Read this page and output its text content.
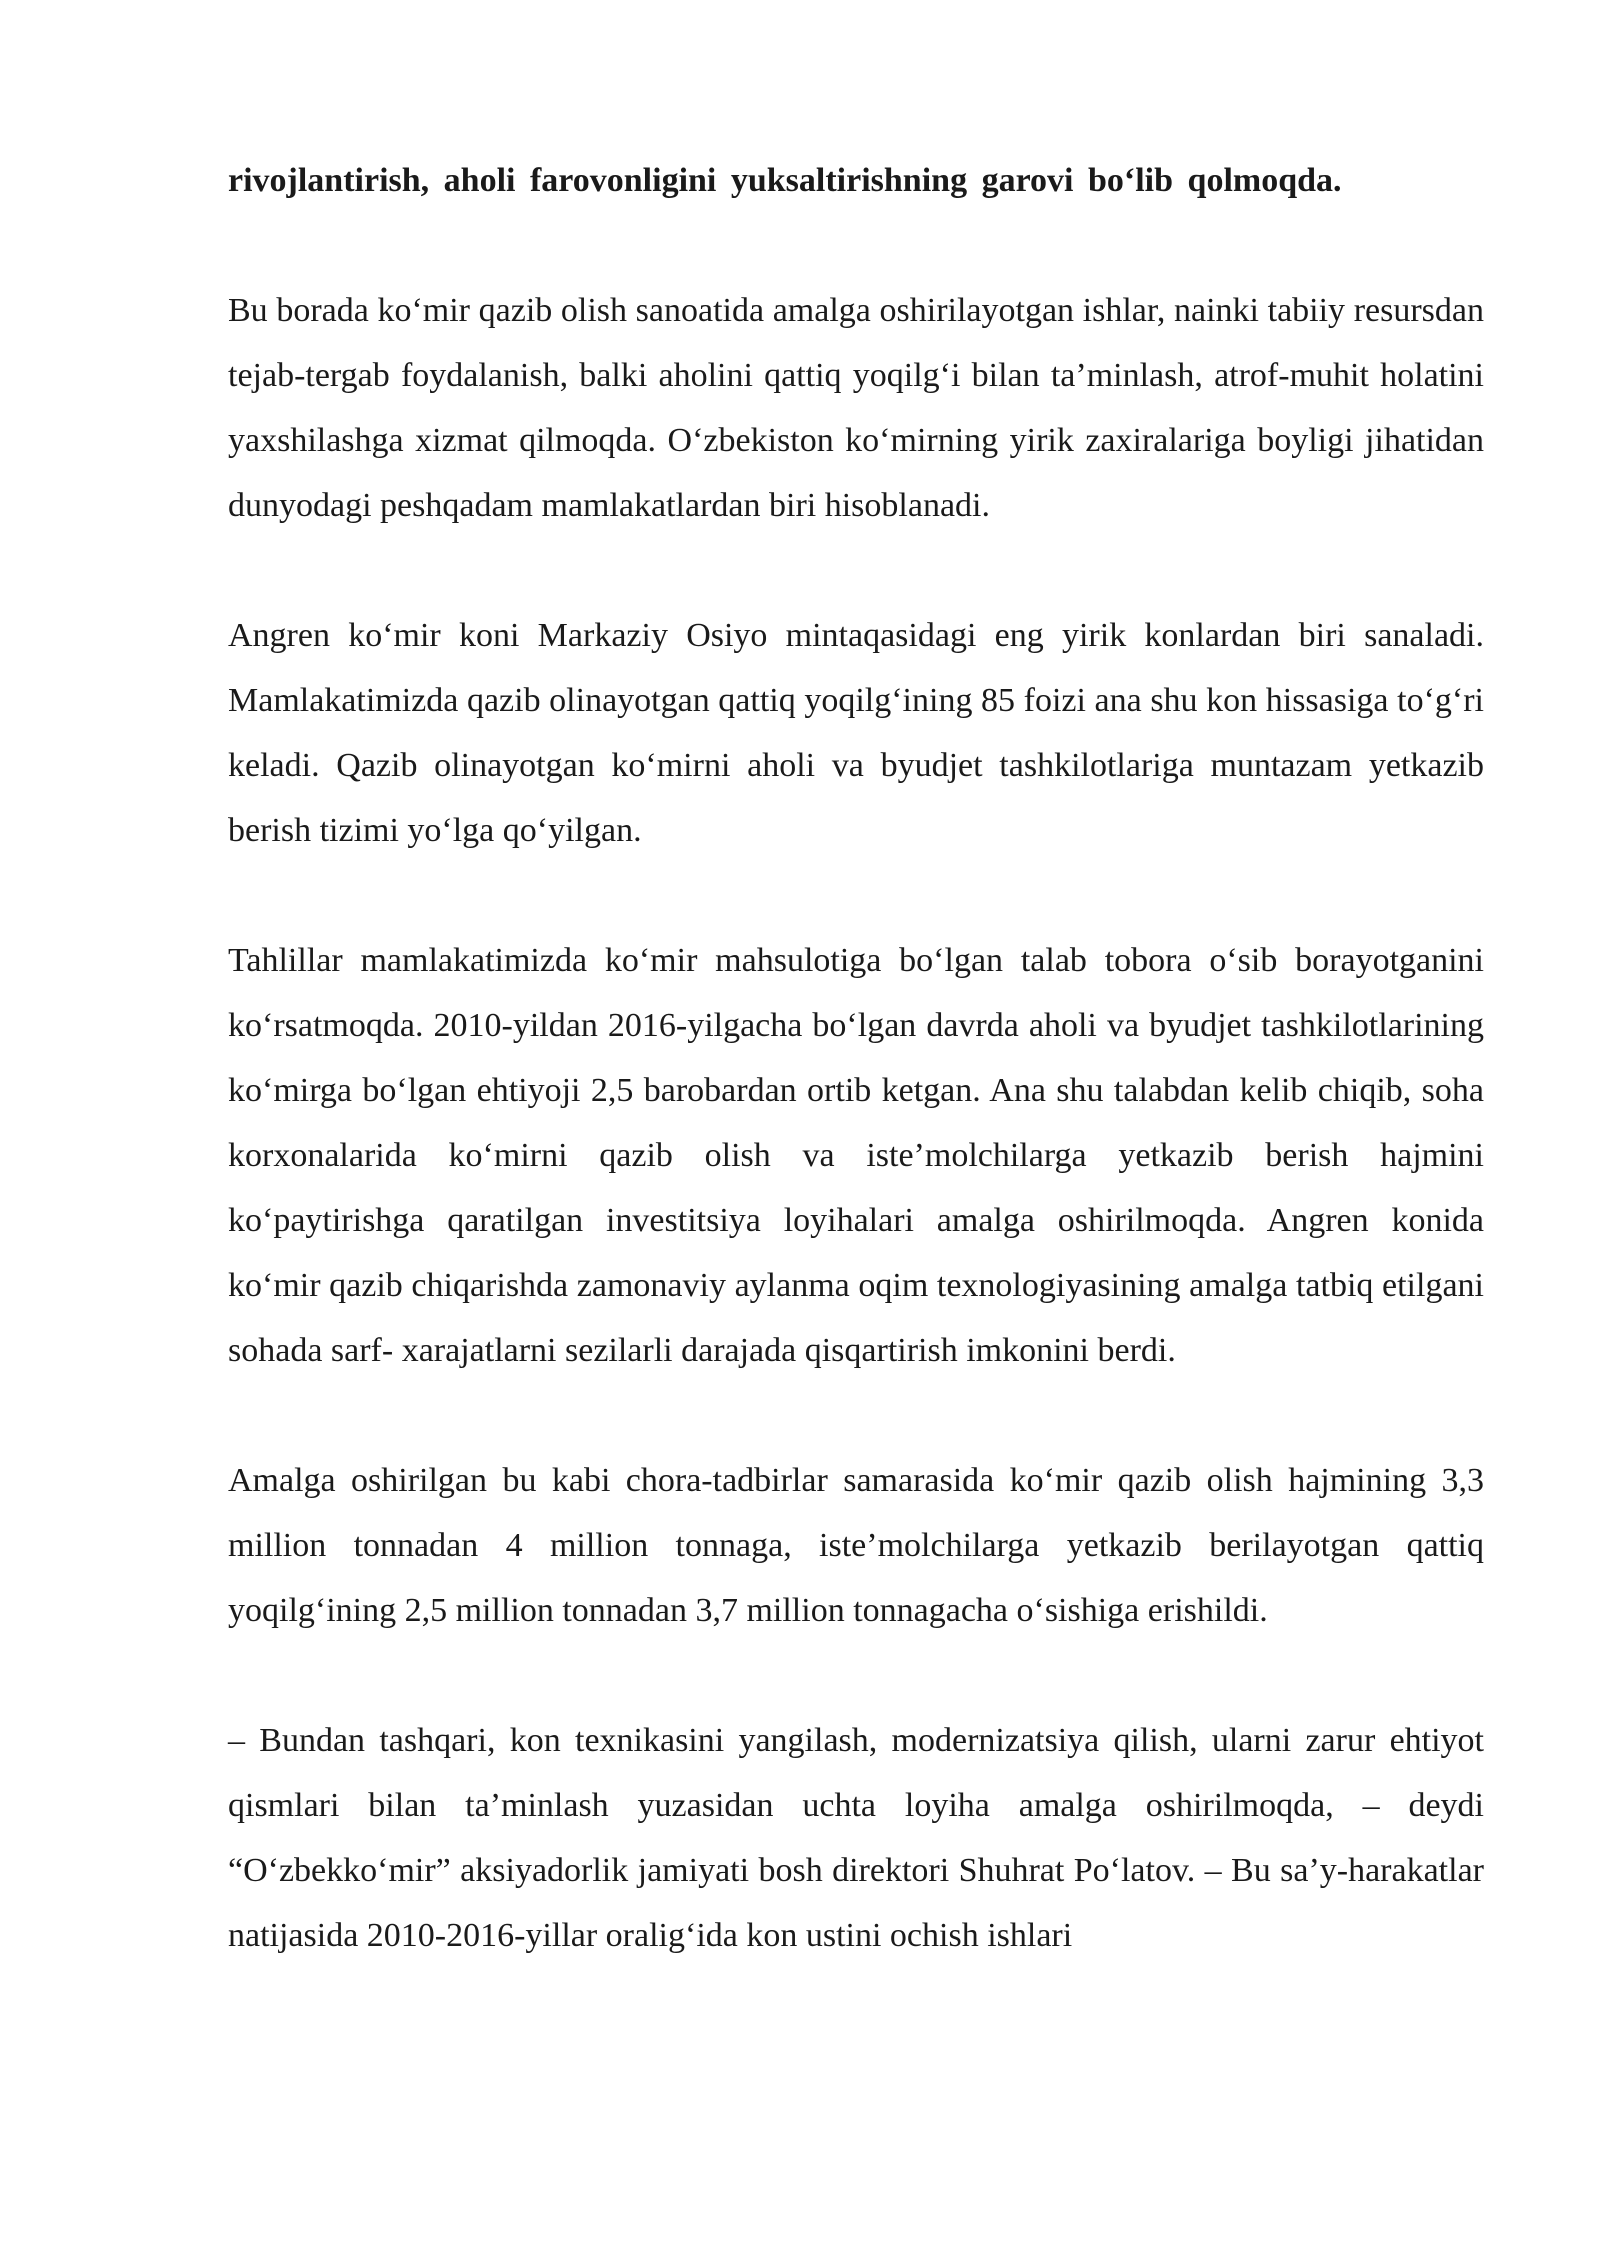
rivojlantirish, aholi farovonligini yuksaltirishning garovi bo‘lib qolmoqda.

Bu borada ko‘mir qazib olish sanoatida amalga oshirilayotgan ishlar, nainki tabiiy resursdan tejab-tergab foydalanish, balki aholini qattiq yoqilg‘i bilan ta’minlash, atrof-muhit holatini yaxshilashga xizmat qilmoqda. O‘zbekiston ko‘mirning yirik zaxiralariga boyligi jihatidan dunyodagi peshqadam mamlakatlardan biri hisoblanadi.

Angren ko‘mir koni Markaziy Osiyo mintaqasidagi eng yirik konlardan biri sanaladi. Mamlakatimizda qazib olinayotgan qattiq yoqilg‘ining 85 foizi ana shu kon hissasiga to‘g‘ri keladi. Qazib olinayotgan ko‘mirni aholi va byudjet tashkilotlariga muntazam yetkazib berish tizimi yo‘lga qo‘yilgan.

Tahlillar mamlakatimizda ko‘mir mahsulotiga bo‘lgan talab tobora o‘sib borayotganini ko‘rsatmoqda. 2010-yildan 2016-yilgacha bo‘lgan davrda aholi va byudjet tashkilotlarining ko‘mirga bo‘lgan ehtiyoji 2,5 barobardan ortib ketgan. Ana shu talabdan kelib chiqib, soha korxonalarida ko‘mirni qazib olish va iste’molchilarga yetkazib berish hajmini ko‘paytirishga qaratilgan investitsiya loyihalari amalga oshirilmoqda. Angren konida ko‘mir qazib chiqarishda zamonaviy aylanma oqim texnologiyasining amalga tatbiq etilgani sohada sarf- xarajatlarni sezilarli darajada qisqartirish imkonini berdi.

Amalga oshirilgan bu kabi chora-tadbirlar samarasida ko‘mir qazib olish hajmining 3,3 million tonnadan 4 million tonnaga, iste’molchilarga yetkazib berilayotgan qattiq yoqilg‘ining 2,5 million tonnadan 3,7 million tonnagacha o‘sishiga erishildi.

– Bundan tashqari, kon texnikasini yangilash, modernizatsiya qilish, ularni zarur ehtiyot qismlari bilan ta’minlash yuzasidan uchta loyiha amalga oshirilmoqda, – deydi “O‘zbekko‘mir” aksiyadorlik jamiyati bosh direktori Shuhrat Po‘latov. – Bu sa’y-harakatlar natijasida 2010-2016-yillar oralig‘ida kon ustini ochish ishlari
